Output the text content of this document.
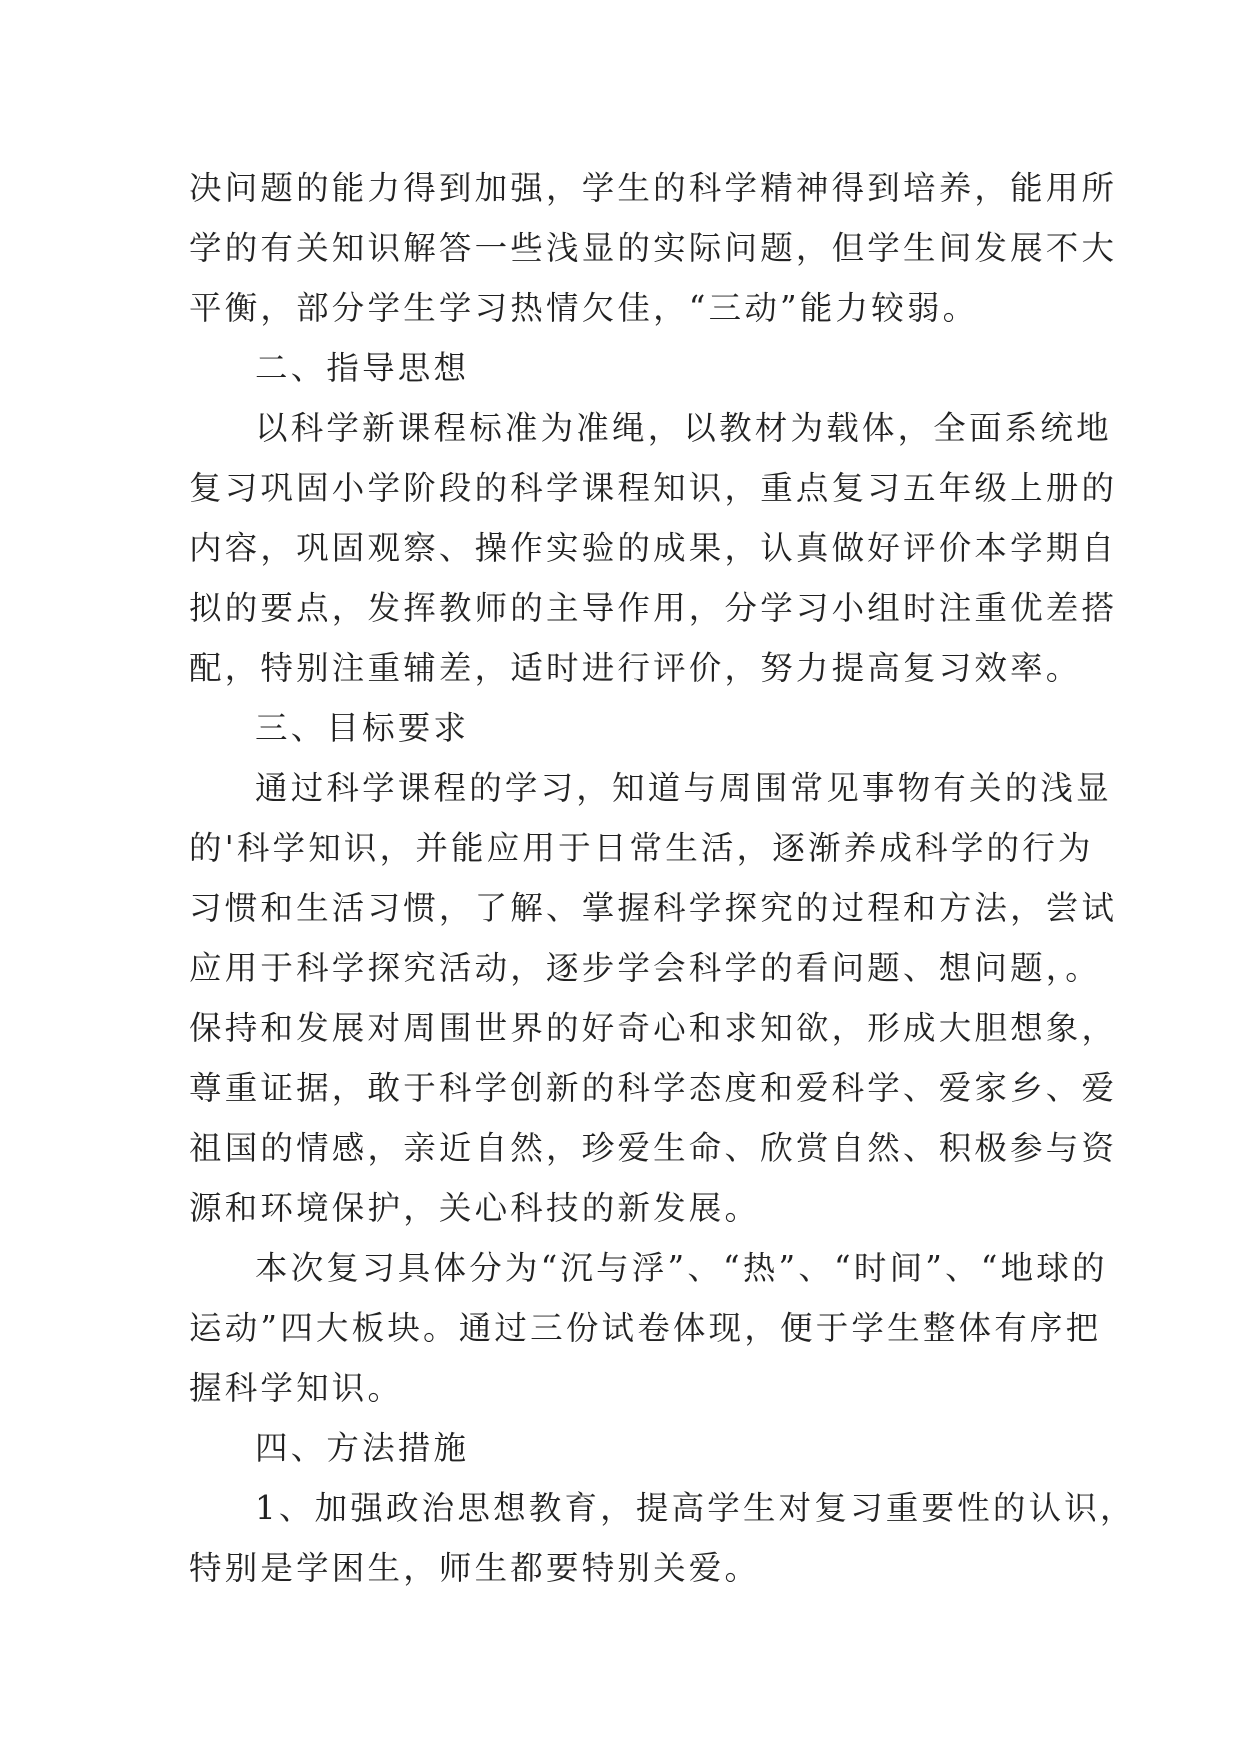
决问题的能力得到加强，学生的科学精神得到培养，能用所
学的有关知识解答一些浅显的实际问题，但学生间发展不大
平衡，部分学生学习热情欠佳，“三动”能力较弱。
二、指导思想
以科学新课程标准为准绳，以教材为载体，全面系统地
复习巩固小学阶段的科学课程知识，重点复习五年级上册的
内容，巩固观察、操作实验的成果，认真做好评价本学期自
拟的要点，发挥教师的主导作用，分学习小组时注重优差搭
配，特别注重辅差，适时进行评价，努力提高复习效率。
三、目标要求
通过科学课程的学习，知道与周围常见事物有关的浅显
的'科学知识，并能应用于日常生活，逐渐养成科学的行为
习惯和生活习惯，了解、掌握科学探究的过程和方法，尝试
应用于科学探究活动，逐步学会科学的看问题、想问题，。
保持和发展对周围世界的好奇心和求知欲，形成大胆想象，
尊重证据，敢于科学创新的科学态度和爱科学、爱家乡、爱
祖国的情感，亲近自然，珍爱生命、欣赏自然、积极参与资
源和环境保护，关心科技的新发展。
本次复习具体分为“沉与浮”、“热”、“时间”、“地球的
运动”四大板块。通过三份试卷体现，便于学生整体有序把
握科学知识。
四、方法措施
1、加强政治思想教育，提高学生对复习重要性的认识，
特别是学困生，师生都要特别关爱。
